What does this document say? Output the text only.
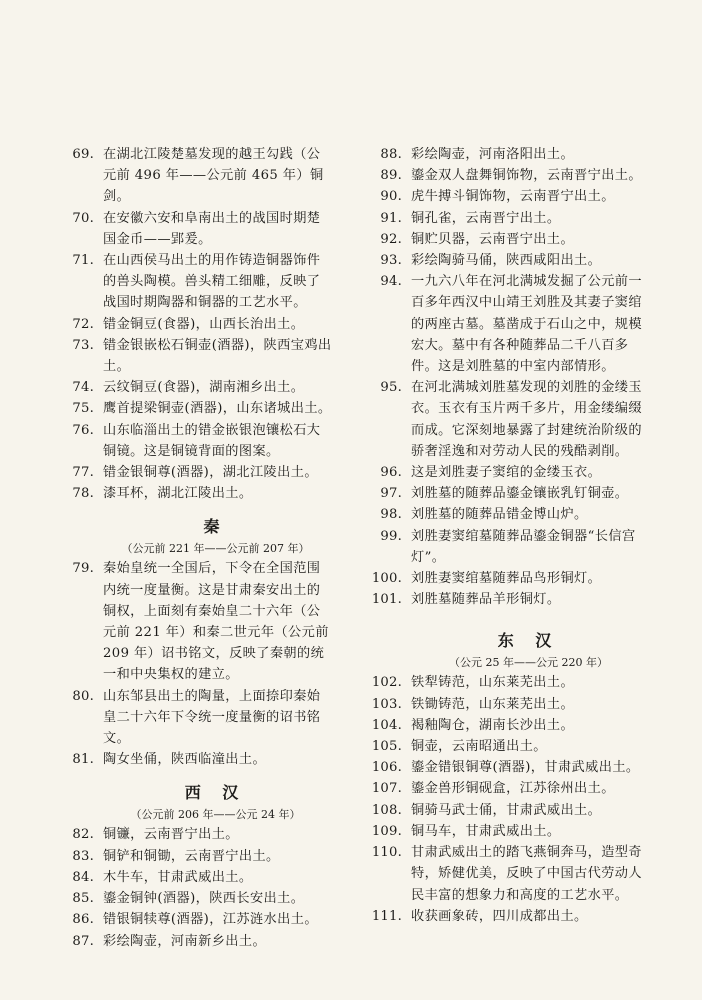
69. 在湖北江陵楚墓发现的越王勾践（公元前 496 年——公元前 465 年）铜剑。
70. 在安徽六安和阜南出土的战国时期楚国金币——郢爰。
71. 在山西侯马出土的用作铸造铜器饰件的兽头陶模。兽头精工细雕，反映了战国时期陶器和铜器的工艺水平。
72. 错金铜豆(食器)，山西长治出土。
73. 错金银嵌松石铜壶(酒器)，陕西宝鸡出土。
74. 云纹铜豆(食器)，湖南湘乡出土。
75. 鹰首提梁铜壶(酒器)，山东诸城出土。
76. 山东临淄出土的错金嵌银泡镶松石大铜镜。这是铜镜背面的图案。
77. 错金银铜尊(酒器)，湖北江陵出土。
78. 漆耳杯，湖北江陵出土。
秦
（公元前 221 年——公元前 207 年）
79. 秦始皇统一全国后，下令在全国范围内统一度量衡。这是甘肃秦安出土的铜权，上面刻有秦始皇二十六年（公元前 221 年）和秦二世元年（公元前 209 年）诏书铭文，反映了秦朝的统一和中央集权的建立。
80. 山东邹县出土的陶量，上面捺印秦始皇二十六年下令统一度量衡的诏书铭文。
81. 陶女坐俑，陕西临潼出土。
西 汉
（公元前 206 年——公元 24 年）
82. 铜镰，云南晋宁出土。
83. 铜铲和铜锄，云南晋宁出土。
84. 木牛车，甘肃武威出土。
85. 鎏金铜钟(酒器)，陕西长安出土。
86. 错银铜犊尊(酒器)，江苏涟水出土。
87. 彩绘陶壶，河南新乡出土。
88. 彩绘陶壶，河南洛阳出土。
89. 鎏金双人盘舞铜饰物，云南晋宁出土。
90. 虎牛搏斗铜饰物，云南晋宁出土。
91. 铜孔雀，云南晋宁出土。
92. 铜贮贝器，云南晋宁出土。
93. 彩绘陶骑马俑，陕西咸阳出土。
94. 一九六八年在河北满城发掘了公元前一百多年西汉中山靖王刘胜及其妻子窦绾的两座古墓。墓凿成于石山之中，规模宏大。墓中有各种随葬品二千八百多件。这是刘胜墓的中室内部情形。
95. 在河北满城刘胜墓发现的刘胜的金缕玉衣。玉衣有玉片两千多片，用金缕编缀而成。它深刻地暴露了封建统治阶级的骄奢淫逸和对劳动人民的残酷剥削。
96. 这是刘胜妻子窦绾的金缕玉衣。
97. 刘胜墓的随葬品鎏金镶嵌乳钉铜壶。
98. 刘胜墓的随葬品错金博山炉。
99. 刘胜妻窦绾墓随葬品鎏金铜器“长信宫灯”。
100. 刘胜妻窦绾墓随葬品鸟形铜灯。
101. 刘胜墓随葬品羊形铜灯。
东 汉
（公元 25 年——公元 220 年）
102. 铁犁铸范，山东莱芜出土。
103. 铁锄铸范，山东莱芜出土。
104. 褐釉陶仓，湖南长沙出土。
105. 铜壶，云南昭通出土。
106. 鎏金错银铜尊(酒器)，甘肃武威出土。
107. 鎏金兽形铜砚盒，江苏徐州出土。
108. 铜骑马武士俑，甘肃武威出土。
109. 铜马车，甘肃武威出土。
110. 甘肃武威出土的踏飞燕铜奔马，造型奇特，矫健优美，反映了中国古代劳动人民丰富的想象力和高度的工艺水平。
111. 收获画象砖，四川成都出土。
